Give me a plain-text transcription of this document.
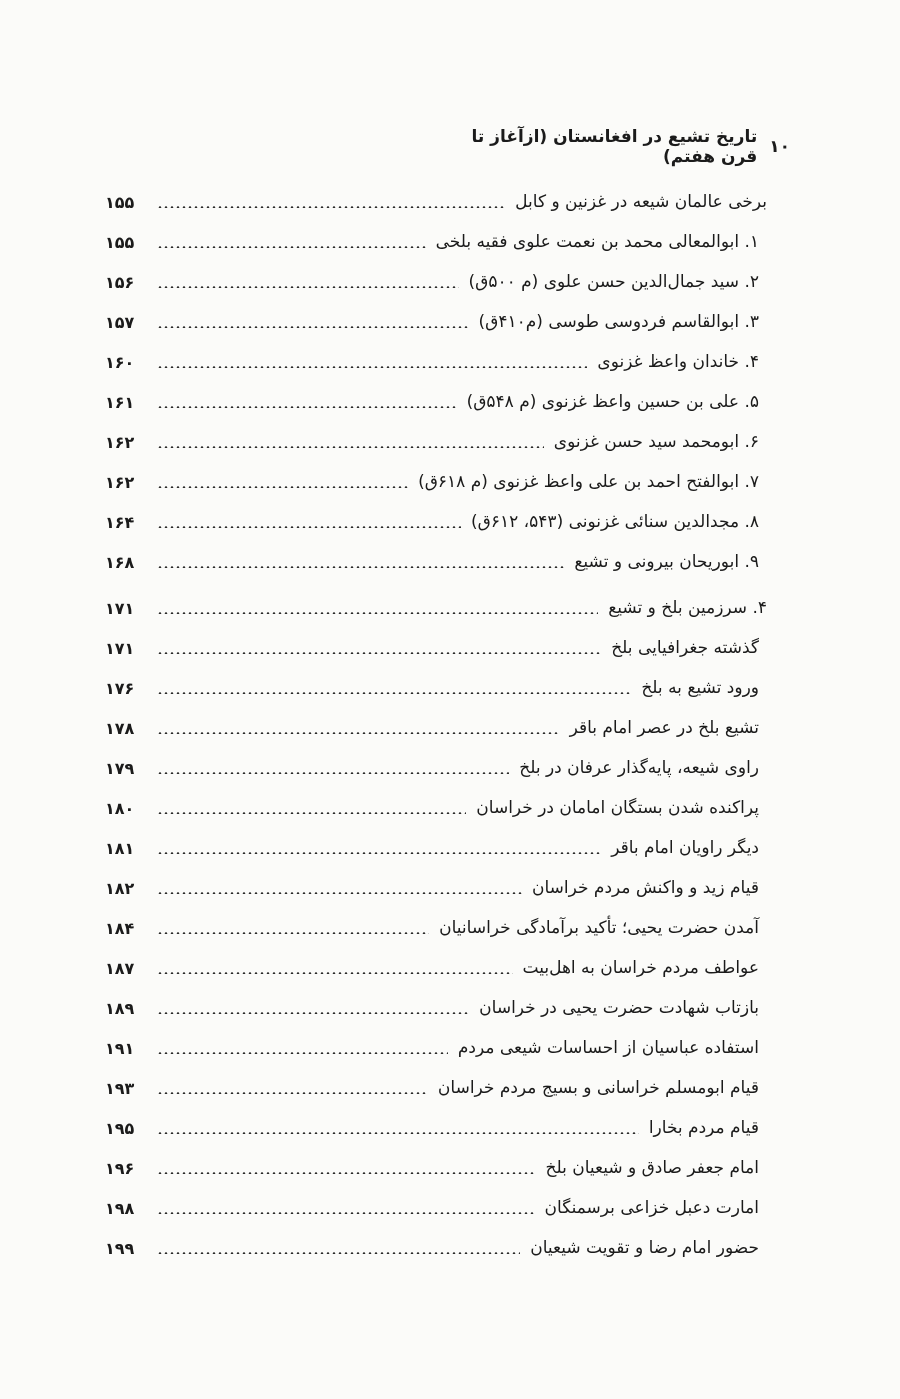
۱۰
تاریخ تشیع در افغانستان (ازآغاز تا قرن هفتم)
برخی عالمان شیعه در غزنین و کابل
۱۵۵
۱. ابوالمعالی محمد بن نعمت علوی فقیه بلخی
۱۵۵
۲. سید جمال‌الدین حسن علوی (م ۵۰۰ق)
۱۵۶
۳. ابوالقاسم فردوسی طوسی (م۴۱۰ق)
۱۵۷
۴. خاندان واعظ غزنوی
۱۶۰
۵. علی بن حسین واعظ غزنوی (م ۵۴۸ق)
۱۶۱
۶. ابومحمد سید حسن غزنوی
۱۶۲
۷. ابوالفتح احمد بن علی واعظ غزنوی (م ۶۱۸ق)
۱۶۲
۸. مجدالدین سنائی غزنونی (۵۴۳، ۶۱۲ق)
۱۶۴
۹. ابوریحان بیرونی و تشیع
۱۶۸
۴. سرزمین بلخ و تشیع
۱۷۱
گذشته جغرافیایی بلخ
۱۷۱
ورود تشیع به بلخ
۱۷۶
تشیع بلخ در عصر امام باقر
۱۷۸
راوی شیعه، پایه‌گذار عرفان در بلخ
۱۷۹
پراکنده شدن بستگان امامان در خراسان
۱۸۰
دیگر راویان امام باقر
۱۸۱
قیام زید و واکنش مردم خراسان
۱۸۲
آمدن حضرت یحیی؛ تأکید برآمادگی خراسانیان
۱۸۴
عواطف مردم خراسان به اهل‌بیت
۱۸۷
بازتاب شهادت حضرت یحیی در خراسان
۱۸۹
استفاده عباسیان از احساسات شیعی مردم
۱۹۱
قیام ابومسلم خراسانی و بسیج مردم خراسان
۱۹۳
قیام مردم بخارا
۱۹۵
امام جعفر صادق و شیعیان بلخ
۱۹۶
امارت دعبل خزاعی برسمنگان
۱۹۸
حضور امام رضا و تقویت شیعیان
۱۹۹
